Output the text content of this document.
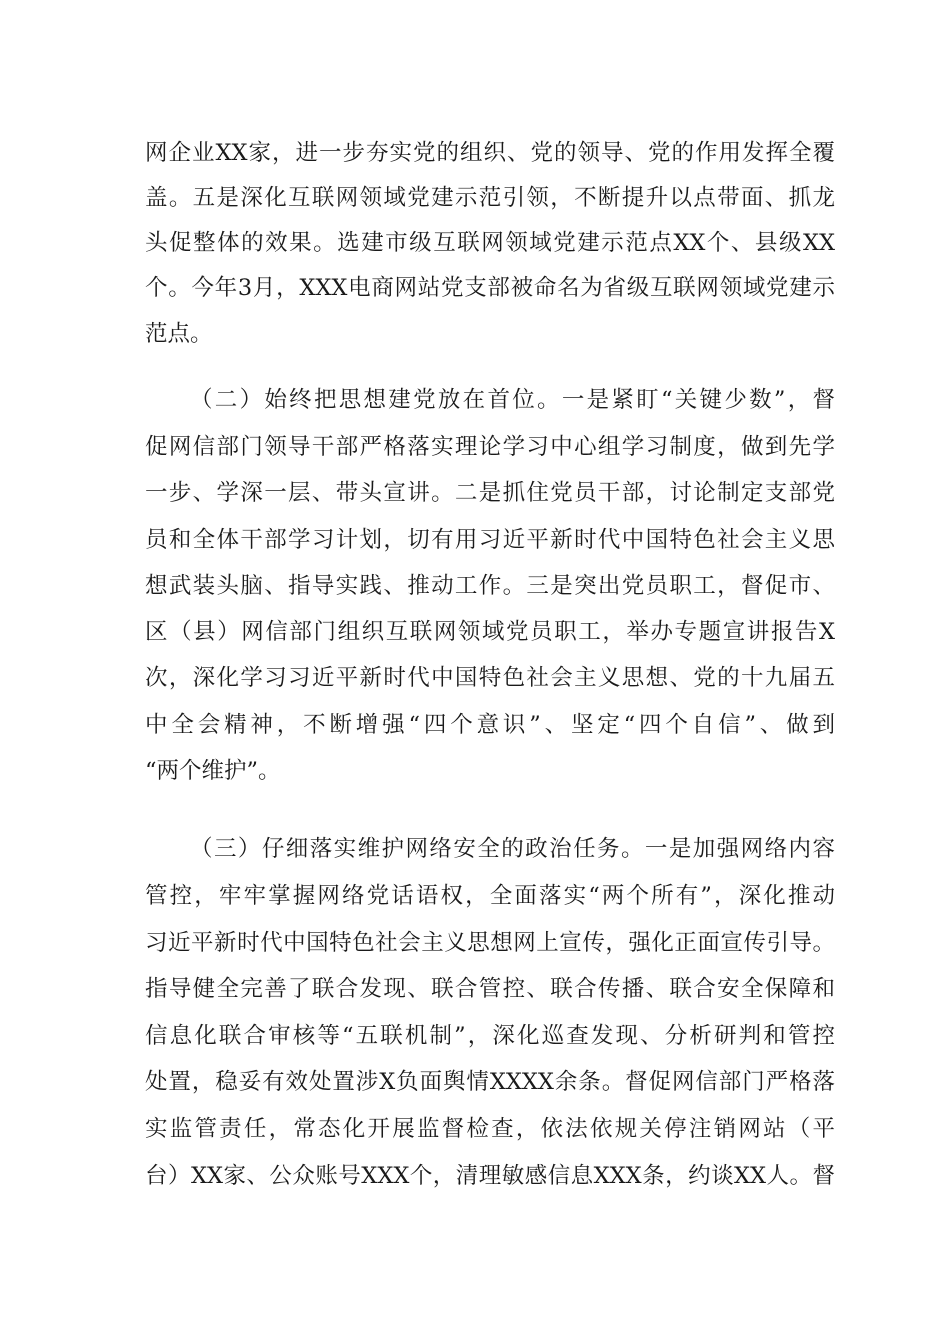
网企业XX家，进一步夯实党的组织、党的领导、党的作用发挥全覆

盖。五是深化互联网领域党建示范引领，不断提升以点带面、抓龙

头促整体的效果。选建市级互联网领域党建示范点XX个、县级XX

个。今年3月，XXX电商网站党支部被命名为省级互联网领域党建示

范点。

（二）始终把思想建党放在首位。一是紧盯“关键少数”，督

促网信部门领导干部严格落实理论学习中心组学习制度，做到先学

一步、学深一层、带头宣讲。二是抓住党员干部，讨论制定支部党

员和全体干部学习计划，切有用习近平新时代中国特色社会主义思

想武装头脑、指导实践、推动工作。三是突出党员职工，督促市、

区（县）网信部门组织互联网领域党员职工，举办专题宣讲报告X

次，深化学习习近平新时代中国特色社会主义思想、党的十九届五

中全会精神，不断增强“四个意识”、坚定“四个自信”、做到

“两个维护”。

（三）仔细落实维护网络安全的政治任务。一是加强网络内容

管控，牢牢掌握网络党话语权，全面落实“两个所有”，深化推动

习近平新时代中国特色社会主义思想网上宣传，强化正面宣传引导。

指导健全完善了联合发现、联合管控、联合传播、联合安全保障和

信息化联合审核等“五联机制”，深化巡查发现、分析研判和管控

处置，稳妥有效处置涉X负面舆情XXXX余条。督促网信部门严格落

实监管责任，常态化开展监督检查，依法依规关停注销网站（平

台）XX家、公众账号XXX个，清理敏感信息XXX条，约谈XX人。督
